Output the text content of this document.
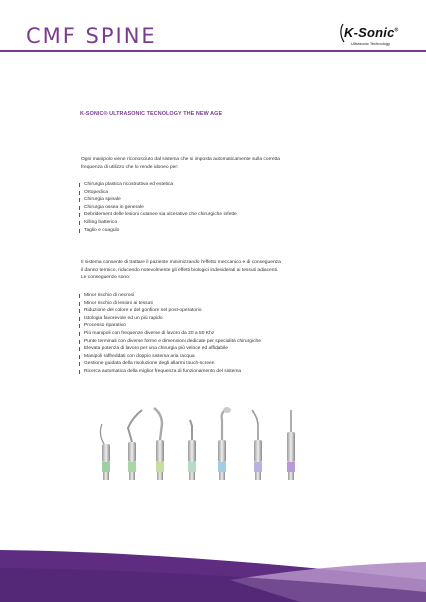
CMF SPINE	K-Sonic®
Ultrasonic Technology
K-SONIC® ULTRASONIC TECNOLOGY THE NEW AGE
Ogni manipolo viene riconosciuto dal sistema che si imposta automaticamente sulla corretta
frequenza di utilizzo che lo rende idoneo per:
Chirurgia plastica ricostruttiva ed estetica
Ortopedica
Chirurgia spinale
Chirurgia ossea in generale
Debridement delle lesioni cutanee sia ulcerative che chirurgiche infette
Killing batterico
Taglio e coagulo
Il sistema consente di trattare il paziente minimizzando l'effetto meccanico e di conseguenza
il danno termico, riducendo notevolmente gli effetti biologici indesiderati ai tessuti adiacenti.
Le conseguenze sono:
Minor rischio di necrosi
Minor rischio di lesioni ai tessuti
Riduzione del colore e del gonfiore nel post-operatorio
Istologia favorevole ed un più rapido
Processo riparativo
Più manipoli con frequenze diverse di lavoro da 20 a 50 Khz
Punte terminali con diverse forme e dimensioni dedicate per specialità chirurgiche
Elevata potenza di lavoro per una chirurgia più veloce ed affidabile
Manipoli raffreddati con doppio sistema aria /acqua
Gestione guidata della risoluzione degli allarmi touch-screen
Ricerca automatica della miglior frequenza di funzionamento del sistema
